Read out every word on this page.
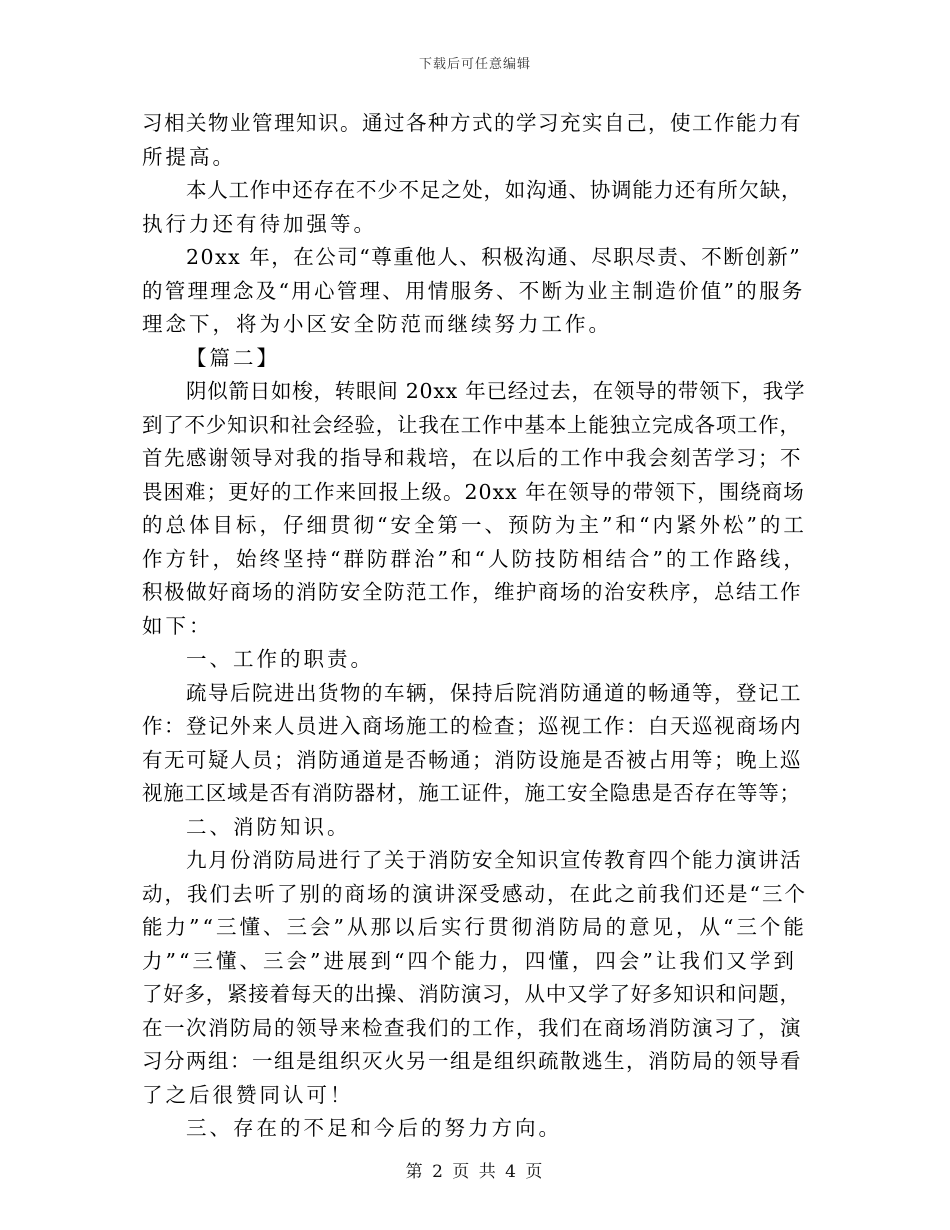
下载后可任意编辑
习相关物业管理知识。通过各种方式的学习充实自己，使工作能力有
所提高。
本人工作中还存在不少不足之处，如沟通、协调能力还有所欠缺，
执行力还有待加强等。
20xx 年，在公司“尊重他人、积极沟通、尽职尽责、不断创新”
的管理理念及“用心管理、用情服务、不断为业主制造价值”的服务
理念下，将为小区安全防范而继续努力工作。
【篇二】
阴似箭日如梭，转眼间 20xx 年已经过去，在领导的带领下，我学
到了不少知识和社会经验，让我在工作中基本上能独立完成各项工作，
首先感谢领导对我的指导和栽培，在以后的工作中我会刻苦学习；不
畏困难；更好的工作来回报上级。20xx 年在领导的带领下，围绕商场
的总体目标，仔细贯彻“安全第一、预防为主”和“内紧外松”的工
作方针，始终坚持“群防群治”和“人防技防相结合”的工作路线，
积极做好商场的消防安全防范工作，维护商场的治安秩序，总结工作
如下：
一、工作的职责。
疏导后院进出货物的车辆，保持后院消防通道的畅通等，登记工
作：登记外来人员进入商场施工的检查；巡视工作：白天巡视商场内
有无可疑人员；消防通道是否畅通；消防设施是否被占用等；晚上巡
视施工区域是否有消防器材，施工证件，施工安全隐患是否存在等等；
二、消防知识。
九月份消防局进行了关于消防安全知识宣传教育四个能力演讲活
动，我们去听了别的商场的演讲深受感动，在此之前我们还是“三个
能力”“三懂、三会”从那以后实行贯彻消防局的意见，从“三个能
力”“三懂、三会”进展到“四个能力，四懂，四会”让我们又学到
了好多，紧接着每天的出操、消防演习，从中又学了好多知识和问题，
在一次消防局的领导来检查我们的工作，我们在商场消防演习了，演
习分两组：一组是组织灭火另一组是组织疏散逃生，消防局的领导看
了之后很赞同认可！
三、存在的不足和今后的努力方向。
第 2 页 共 4 页
